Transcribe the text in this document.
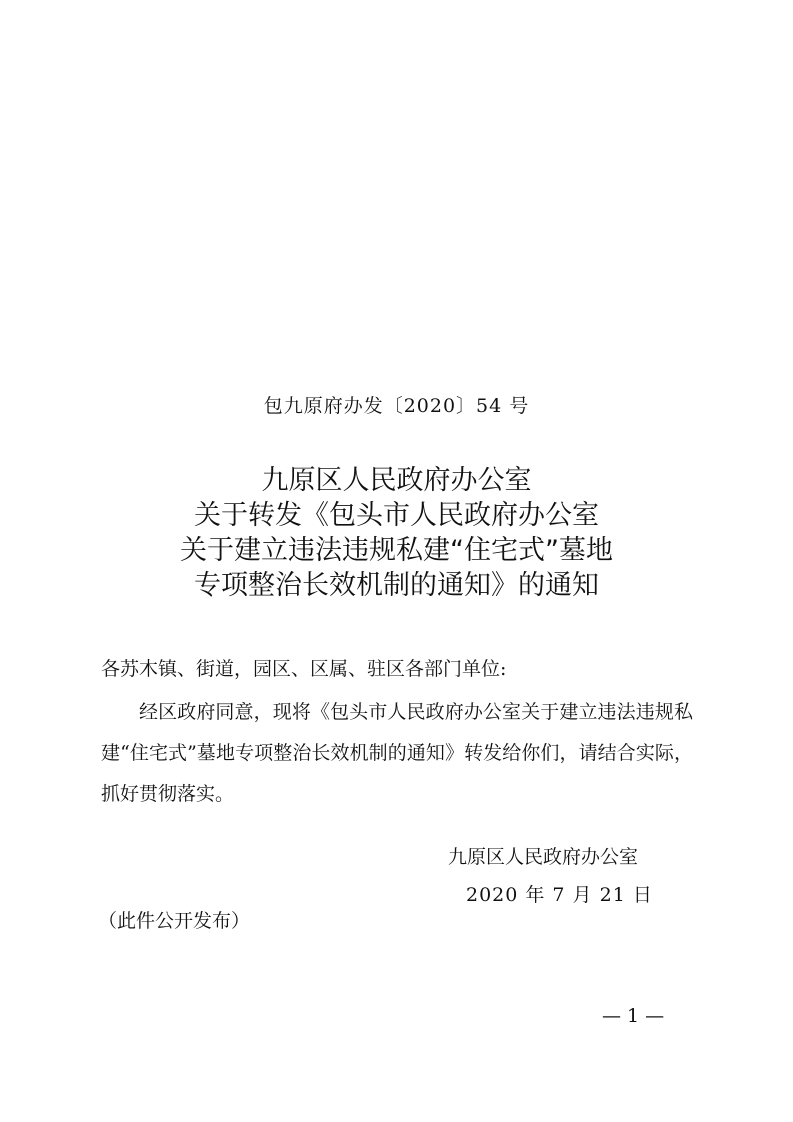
包九原府办发〔2020〕54 号
九原区人民政府办公室
关于转发《包头市人民政府办公室
关于建立违法违规私建“住宅式”墓地
专项整治长效机制的通知》的通知
各苏木镇、街道，园区、区属、驻区各部门单位:
经区政府同意，现将《包头市人民政府办公室关于建立违法违规私建“住宅式”墓地专项整治长效机制的通知》转发给你们，请结合实际，抓好贯彻落实。
九原区人民政府办公室
2020 年 7 月 21 日
（此件公开发布）
— 1 —
